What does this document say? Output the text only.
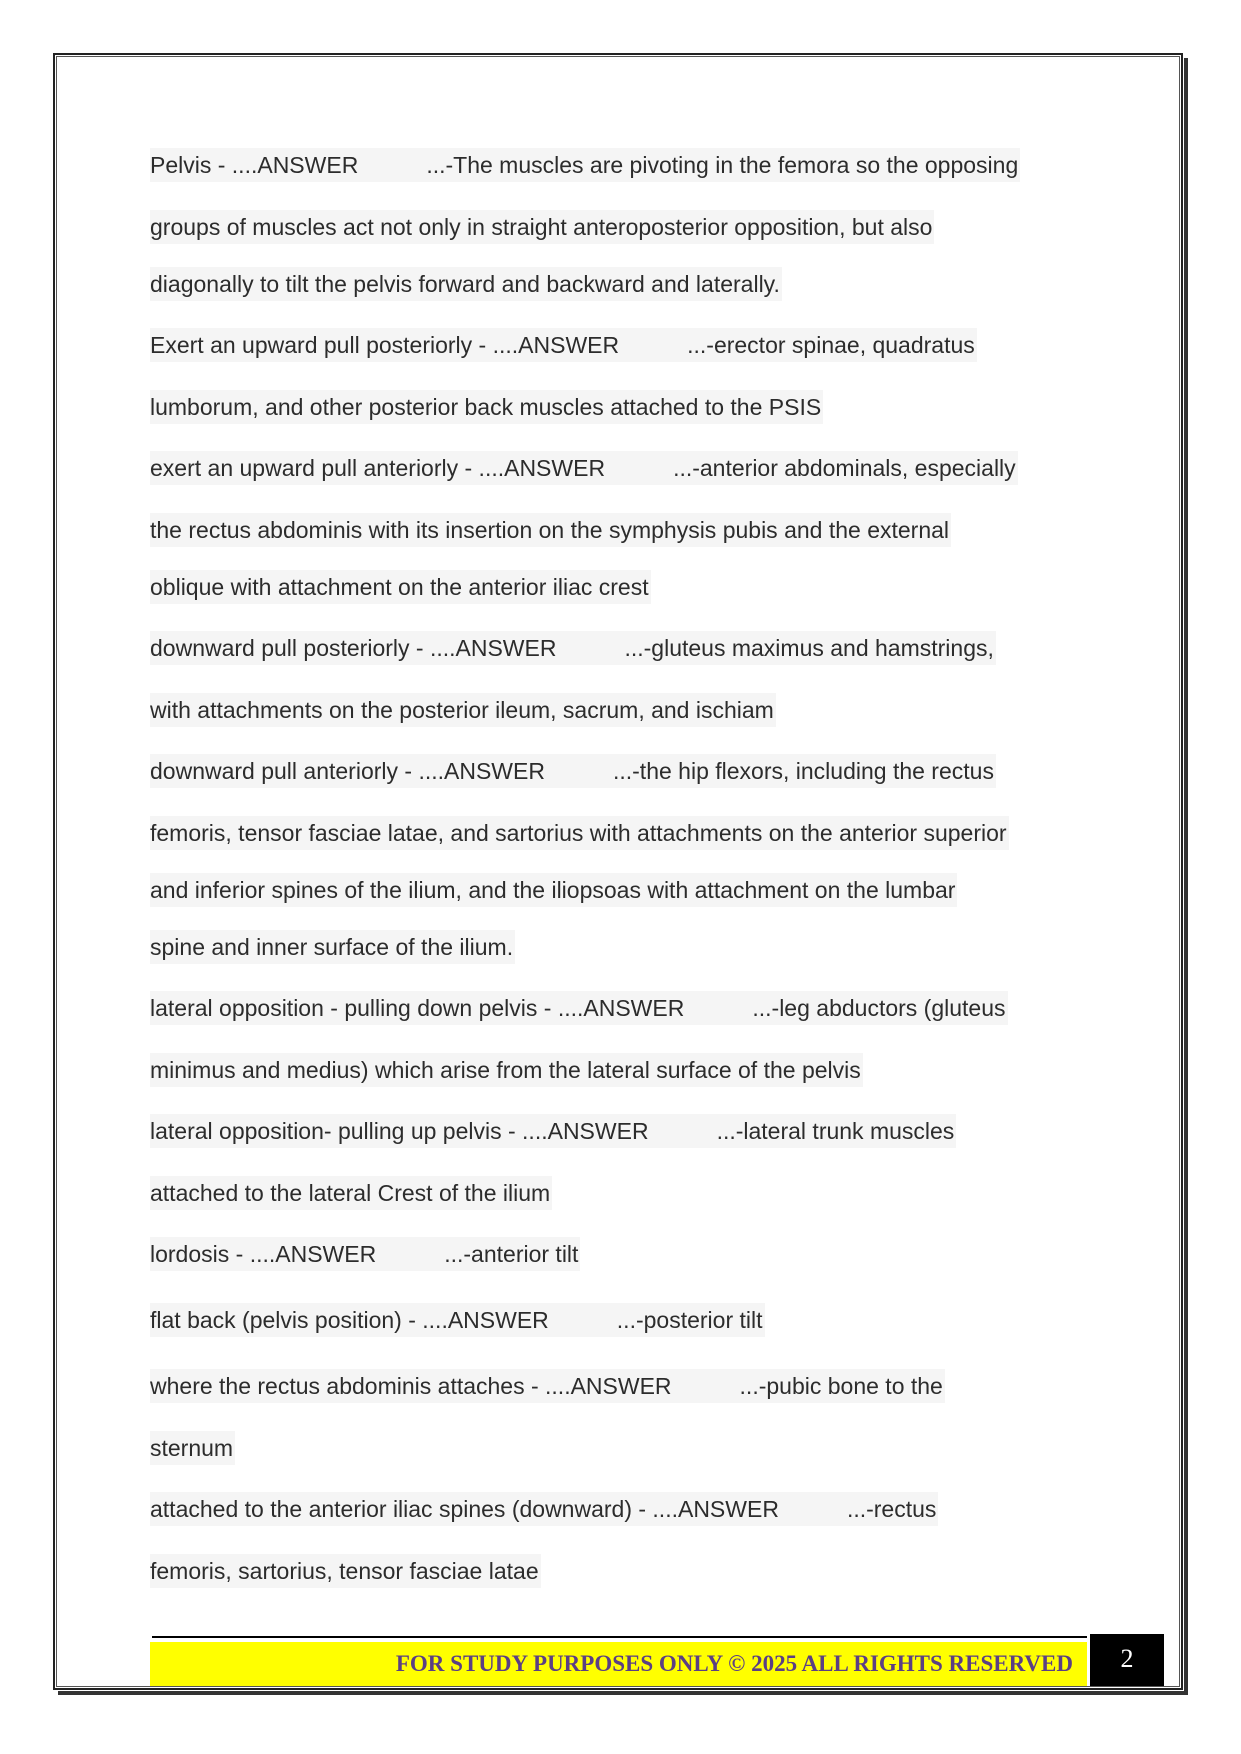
Pelvis - ....ANSWER	...-The muscles are pivoting in the femora so the opposing
groups of muscles act not only in straight anteroposterior opposition, but also
diagonally to tilt the pelvis forward and backward and laterally.
Exert an upward pull posteriorly - ....ANSWER	...-erector spinae, quadratus
lumborum, and other posterior back muscles attached to the PSIS
exert an upward pull anteriorly - ....ANSWER	...-anterior abdominals, especially
the rectus abdominis with its insertion on the symphysis pubis and the external
oblique with attachment on the anterior iliac crest
downward pull posteriorly - ....ANSWER	...-gluteus maximus and hamstrings,
with attachments on the posterior ileum, sacrum, and ischiam
downward pull anteriorly - ....ANSWER	...-the hip flexors, including the rectus
femoris, tensor fasciae latae, and sartorius with attachments on the anterior superior
and inferior spines of the ilium, and the iliopsoas with attachment on the lumbar
spine and inner surface of the ilium.
lateral opposition - pulling down pelvis - ....ANSWER	...-leg abductors (gluteus
minimus and medius) which arise from the lateral surface of the pelvis
lateral opposition- pulling up pelvis - ....ANSWER	...-lateral trunk muscles
attached to the lateral Crest of the ilium
lordosis - ....ANSWER	...-anterior tilt
flat back (pelvis position) - ....ANSWER	...-posterior tilt
where the rectus abdominis attaches - ....ANSWER	...-pubic bone to the
sternum
attached to the anterior iliac spines (downward) - ....ANSWER	...-rectus
femoris, sartorius, tensor fasciae latae
FOR STUDY PURPOSES ONLY © 2025 ALL RIGHTS RESERVED	2
